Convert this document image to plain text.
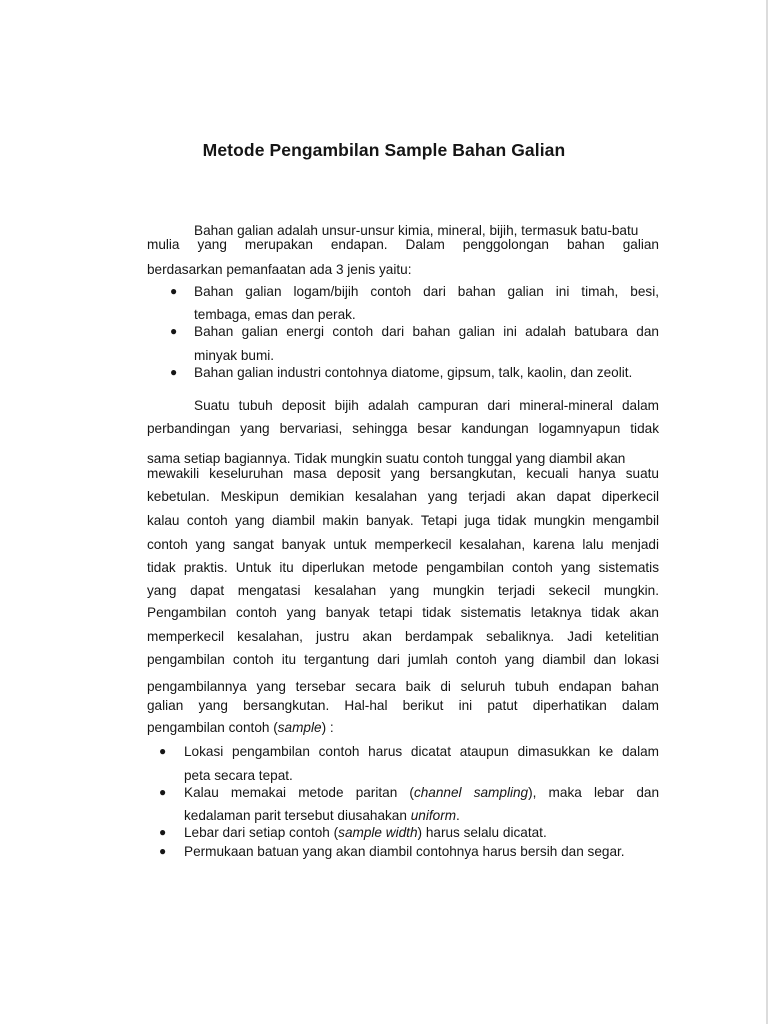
Metode Pengambilan Sample Bahan Galian
Bahan galian adalah unsur-unsur kimia, mineral, bijih, termasuk batu-batu
mulia yang merupakan endapan. Dalam penggolongan bahan galian
berdasarkan pemanfaatan ada 3 jenis yaitu:
● Bahan galian logam/bijih contoh dari bahan galian ini timah, besi,
tembaga, emas dan perak.
● Bahan galian energi contoh dari bahan galian ini adalah batubara dan
minyak bumi.
● Bahan galian industri contohnya diatome, gipsum, talk, kaolin, dan zeolit.
Suatu tubuh deposit bijih adalah campuran dari mineral-mineral dalam
perbandingan yang bervariasi, sehingga besar kandungan logamnyapun tidak
sama setiap bagiannya. Tidak mungkin suatu contoh tunggal yang diambil akan
mewakili keseluruhan masa deposit yang bersangkutan, kecuali hanya suatu
kebetulan. Meskipun demikian kesalahan yang terjadi akan dapat diperkecil
kalau contoh yang diambil makin banyak. Tetapi juga tidak mungkin mengambil
contoh yang sangat banyak untuk memperkecil kesalahan, karena lalu menjadi
tidak praktis. Untuk itu diperlukan metode pengambilan contoh yang sistematis
yang dapat mengatasi kesalahan yang mungkin terjadi sekecil mungkin.
Pengambilan contoh yang banyak tetapi tidak sistematis letaknya tidak akan
memperkecil kesalahan, justru akan berdampak sebaliknya. Jadi ketelitian
pengambilan contoh itu tergantung dari jumlah contoh yang diambil dan lokasi
pengambilannya yang tersebar secara baik di seluruh tubuh endapan bahan
galian yang bersangkutan. Hal-hal berikut ini patut diperhatikan dalam
pengambilan contoh (sample) :
● Lokasi pengambilan contoh harus dicatat ataupun dimasukkan ke dalam
peta secara tepat.
● Kalau memakai metode paritan (channel sampling), maka lebar dan
kedalaman parit tersebut diusahakan uniform.
● Lebar dari setiap contoh (sample width) harus selalu dicatat.
● Permukaan batuan yang akan diambil contohnya harus bersih dan segar.
